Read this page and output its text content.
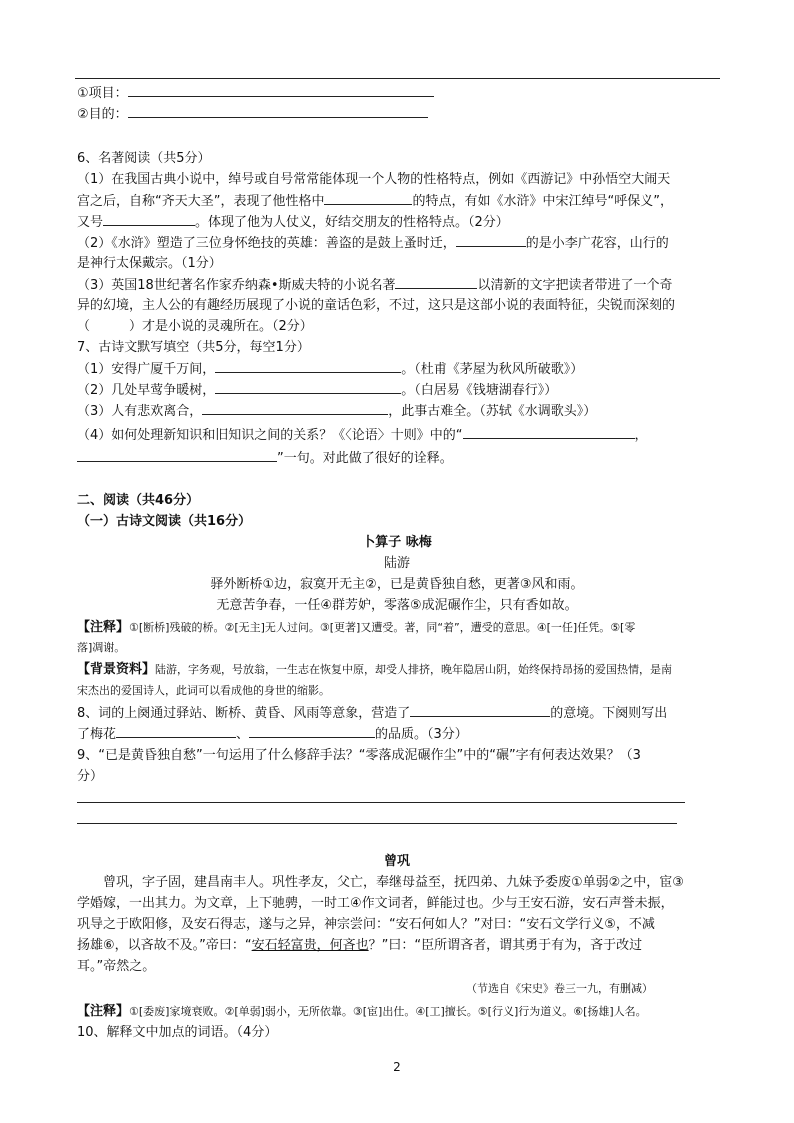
①项目：
②目的：
6、名著阅读（共5分）
（1）在我国古典小说中，绰号或自号常常能体现一个人物的性格特点，例如《西游记》中孙悟空大闹天
宫之后，自称“齐天大圣”，表现了他性格中	的特点，有如《水浒》中宋江绰号“呼保义”，
又号	。体现了他为人仗义，好结交朋友的性格特点。（2分）
（2）《水浒》塑造了三位身怀绝技的英雄：善盗的是鼓上蚤时迁，	的是小李广花容，山行的
是神行太保戴宗。（1分）
（3）英国18世纪著名作家乔纳森•斯威夫特的小说名著	以清新的文字把读者带进了一个奇
异的幻境，主人公的有趣经历展现了小说的童话色彩，不过，这只是这部小说的表面特征，尖锐而深刻的
（　　　）才是小说的灵魂所在。（2分）
7、古诗文默写填空（共5分，每空1分）
（1）安得广厦千万间，	。（杜甫《茅屋为秋风所破歌》）
（2）几处早莺争暖树，	。（白居易《钱塘湖春行》）
（3）人有悲欢离合，	，此事古难全。（苏轼《水调歌头》）
（4）如何处理新知识和旧知识之间的关系？《〈论语〉十则》中的“	，
”一句。对此做了很好的诠释。
二、阅读（共46分）
（一）古诗文阅读（共16分）
卜算子 咏梅
陆游
驿外断桥①边，寂寞开无主②，已是黄昏独自愁，更著③风和雨。
无意苦争春，一任④群芳妒，零落⑤成泥碾作尘，只有香如故。
【注释】①[断桥]残破的桥。②[无主]无人过问。③[更著]又遭受。著，同“着”，遭受的意思。④[一任]任凭。⑤[零
落]凋谢。
【背景资料】陆游，字务观，号放翁，一生志在恢复中原，却受人排挤，晚年隐居山阴，始终保持昂扬的爱国热情，是南
宋杰出的爱国诗人，此词可以看成他的身世的缩影。
8、词的上阕通过驿站、断桥、黄昏、风雨等意象，营造了	的意境。下阕则写出
了梅花	、	的品质。（3分）
9、“已是黄昏独自愁”一句运用了什么修辞手法？“零落成泥碾作尘”中的“碾”字有何表达效果？（3
分）
曾巩
曾巩，字子固，建昌南丰人。巩性孝友，父亡，奉继母益至，抚四弟、九妹予委废①单弱②之中，宦③
学婚嫁，一出其力。为文章，上下驰骋，一时工④作文词者，鲜能过也。少与王安石游，安石声誉未振，
巩导之于欧阳修，及安石得志，遂与之异，神宗尝问：“安石何如人？”对曰：“安石文学行义⑤，不减
扬雄⑥，以吝故不及。”帝曰：“安石轻富贵，何吝也？”曰：“臣所谓吝者，谓其勇于有为，吝于改过
耳。”帝然之。
（节选自《宋史》卷三一九，有删减）
【注释】①[委废]家境衰败。②[单弱]弱小，无所依靠。③[宦]出仕。④[工]擅长。⑤[行义]行为道义。⑥[扬雄]人名。
10、解释文中加点的词语。（4分）
2
